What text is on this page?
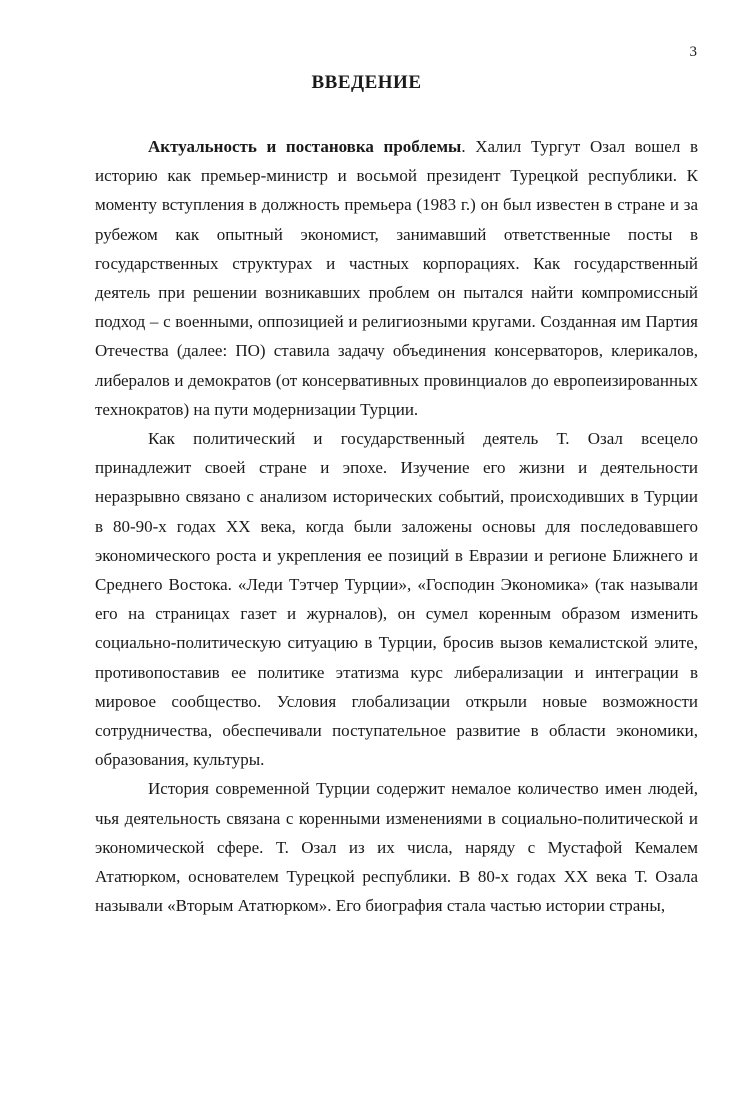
3

ВВЕДЕНИЕ

Актуальность и постановка проблемы. Халил Тургут Озал вошел в историю как премьер-министр и восьмой президент Турецкой республики. К моменту вступления в должность премьера (1983 г.) он был известен в стране и за рубежом как опытный экономист, занимавший ответственные посты в государственных структурах и частных корпорациях. Как государственный деятель при решении возникавших проблем он пытался найти компромиссный подход – с военными, оппозицией и религиозными кругами. Созданная им Партия Отечества (далее: ПО) ставила задачу объединения консерваторов, клерикалов, либералов и демократов (от консервативных провинциалов до европеизированных технократов) на пути модернизации Турции.

Как политический и государственный деятель Т. Озал всецело принадлежит своей стране и эпохе. Изучение его жизни и деятельности неразрывно связано с анализом исторических событий, происходивших в Турции в 80-90-х годах XX века, когда были заложены основы для последовавшего экономического роста и укрепления ее позиций в Евразии и регионе Ближнего и Среднего Востока. «Леди Тэтчер Турции», «Господин Экономика» (так называли его на страницах газет и журналов), он сумел коренным образом изменить социально-политическую ситуацию в Турции, бросив вызов кемалистской элите, противопоставив ее политике этатизма курс либерализации и интеграции в мировое сообщество. Условия глобализации открыли новые возможности сотрудничества, обеспечивали поступательное развитие в области экономики, образования, культуры.

История современной Турции содержит немалое количество имен людей, чья деятельность связана с коренными изменениями в социально-политической и экономической сфере. Т. Озал из их числа, наряду с Мустафой Кемалем Ататюрком, основателем Турецкой республики. В 80-х годах XX века Т. Озала называли «Вторым Ататюрком». Его биография стала частью истории страны,
